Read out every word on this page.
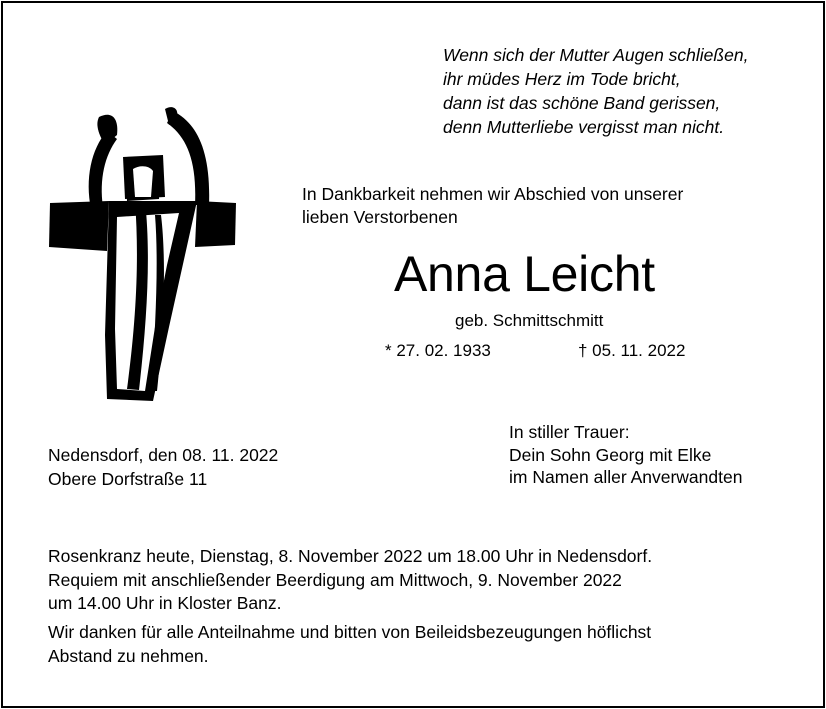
Wenn sich der Mutter Augen schließen,
ihr müdes Herz im Tode bricht,
dann ist das schöne Band gerissen,
denn Mutterliebe vergisst man nicht.
In Dankbarkeit nehmen wir Abschied von unserer
lieben Verstorbenen
Anna Leicht
geb. Schmittschmitt
* 27. 02. 1933	† 05. 11. 2022
Nedensdorf, den 08. 11. 2022
Obere Dorfstraße 11
In stiller Trauer:
Dein Sohn Georg mit Elke
im Namen aller Anverwandten
Rosenkranz heute, Dienstag, 8. November 2022 um 18.00 Uhr in Nedensdorf.
Requiem mit anschließender Beerdigung am Mittwoch, 9. November 2022
um 14.00 Uhr in Kloster Banz.
Wir danken für alle Anteilnahme und bitten von Beileidsbezeugungen höflichst
Abstand zu nehmen.
